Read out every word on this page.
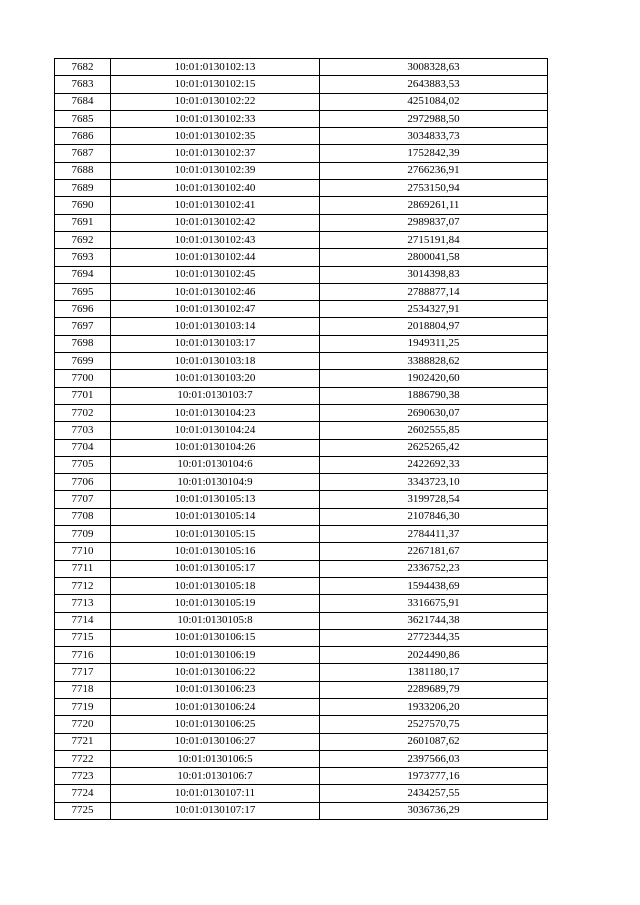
7682	10:01:0130102:13	3008328,63
7683	10:01:0130102:15	2643883,53
7684	10:01:0130102:22	4251084,02
7685	10:01:0130102:33	2972988,50
7686	10:01:0130102:35	3034833,73
7687	10:01:0130102:37	1752842,39
7688	10:01:0130102:39	2766236,91
7689	10:01:0130102:40	2753150,94
7690	10:01:0130102:41	2869261,11
7691	10:01:0130102:42	2989837,07
7692	10:01:0130102:43	2715191,84
7693	10:01:0130102:44	2800041,58
7694	10:01:0130102:45	3014398,83
7695	10:01:0130102:46	2788877,14
7696	10:01:0130102:47	2534327,91
7697	10:01:0130103:14	2018804,97
7698	10:01:0130103:17	1949311,25
7699	10:01:0130103:18	3388828,62
7700	10:01:0130103:20	1902420,60
7701	10:01:0130103:7	1886790,38
7702	10:01:0130104:23	2690630,07
7703	10:01:0130104:24	2602555,85
7704	10:01:0130104:26	2625265,42
7705	10:01:0130104:6	2422692,33
7706	10:01:0130104:9	3343723,10
7707	10:01:0130105:13	3199728,54
7708	10:01:0130105:14	2107846,30
7709	10:01:0130105:15	2784411,37
7710	10:01:0130105:16	2267181,67
7711	10:01:0130105:17	2336752,23
7712	10:01:0130105:18	1594438,69
7713	10:01:0130105:19	3316675,91
7714	10:01:0130105:8	3621744,38
7715	10:01:0130106:15	2772344,35
7716	10:01:0130106:19	2024490,86
7717	10:01:0130106:22	1381180,17
7718	10:01:0130106:23	2289689,79
7719	10:01:0130106:24	1933206,20
7720	10:01:0130106:25	2527570,75
7721	10:01:0130106:27	2601087,62
7722	10:01:0130106:5	2397566,03
7723	10:01:0130106:7	1973777,16
7724	10:01:0130107:11	2434257,55
7725	10:01:0130107:17	3036736,29
